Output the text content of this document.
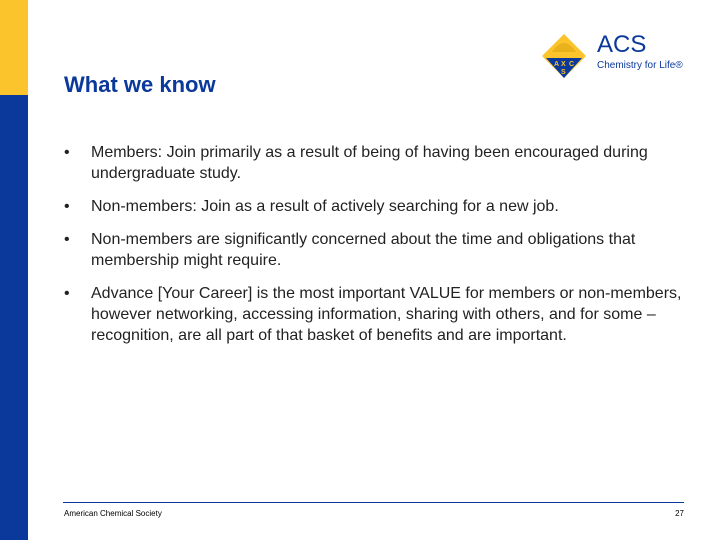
What we know
A X C
S
ACS
Chemistry for Life®
• Members: Join primarily as a result of being of having been encouraged during undergraduate study.
• Non-members: Join as a result of actively searching for a new job.
• Non-members are significantly concerned about the time and obligations that membership might require.
• Advance [Your Career] is the most important VALUE for members or non-members, however networking, accessing information, sharing with others, and for some – recognition, are all part of that basket of benefits and are important.
American Chemical Society	27
